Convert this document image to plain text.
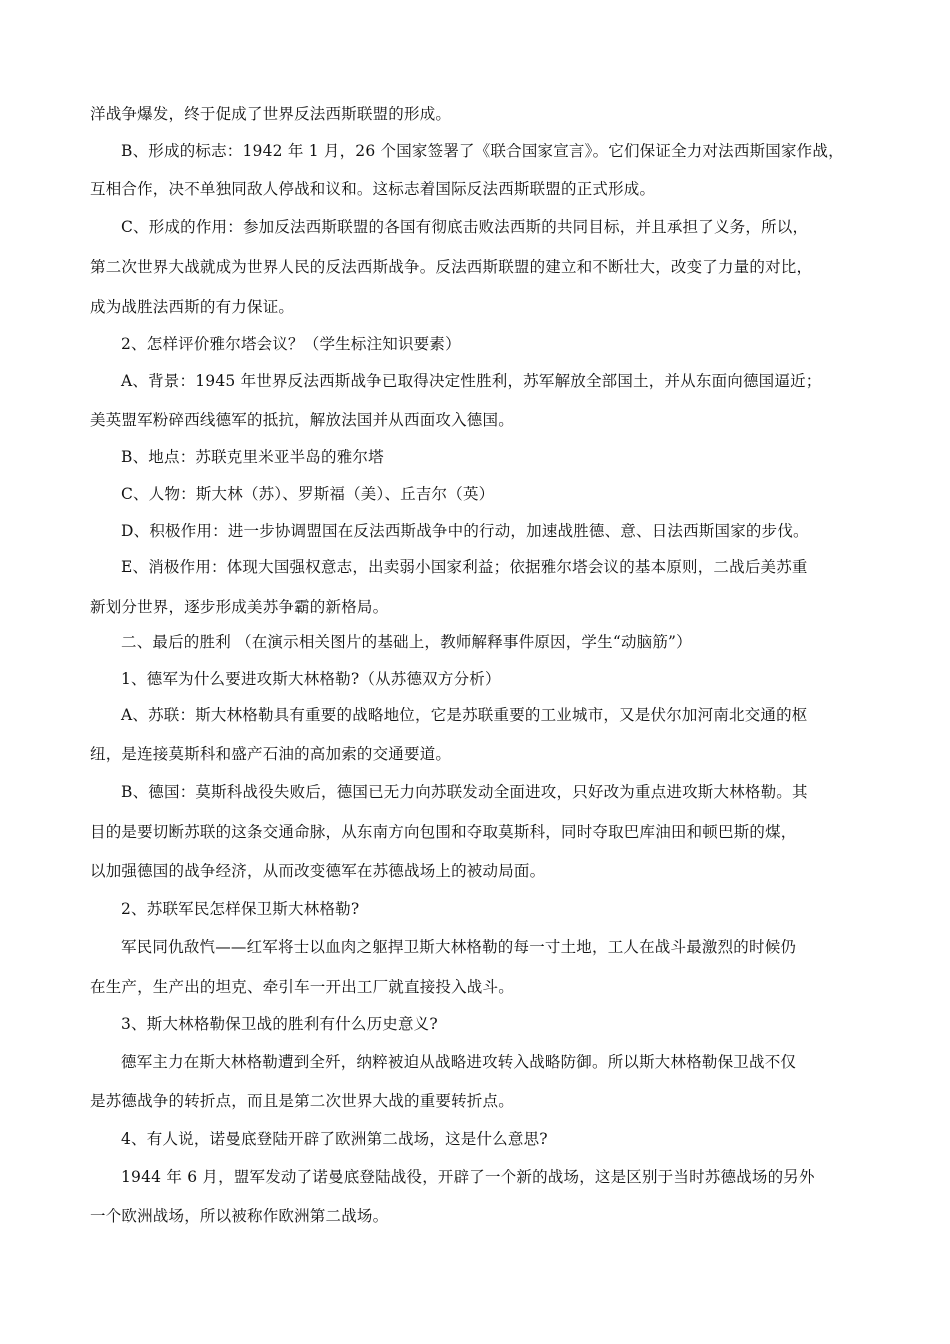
洋战争爆发，终于促成了世界反法西斯联盟的形成。
B、形成的标志：1942 年 1 月，26 个国家签署了《联合国家宣言》。它们保证全力对法西斯国家作战，
互相合作，决不单独同敌人停战和议和。这标志着国际反法西斯联盟的正式形成。
C、形成的作用：参加反法西斯联盟的各国有彻底击败法西斯的共同目标，并且承担了义务，所以，
第二次世界大战就成为世界人民的反法西斯战争。反法西斯联盟的建立和不断壮大，改变了力量的对比，
成为战胜法西斯的有力保证。
2、怎样评价雅尔塔会议？（学生标注知识要素）
A、背景：1945 年世界反法西斯战争已取得决定性胜利，苏军解放全部国土，并从东面向德国逼近；
美英盟军粉碎西线德军的抵抗，解放法国并从西面攻入德国。
B、地点：苏联克里米亚半岛的雅尔塔
C、人物：斯大林（苏）、罗斯福（美）、丘吉尔（英）
D、积极作用：进一步协调盟国在反法西斯战争中的行动，加速战胜德、意、日法西斯国家的步伐。
E、消极作用：体现大国强权意志，出卖弱小国家利益；依据雅尔塔会议的基本原则，二战后美苏重
新划分世界，逐步形成美苏争霸的新格局。
二、最后的胜利 （在演示相关图片的基础上，教师解释事件原因，学生“动脑筋”）
1、德军为什么要进攻斯大林格勒?（从苏德双方分析）
A、苏联：斯大林格勒具有重要的战略地位，它是苏联重要的工业城市，又是伏尔加河南北交通的枢
纽，是连接莫斯科和盛产石油的高加索的交通要道。
B、德国：莫斯科战役失败后，德国已无力向苏联发动全面进攻，只好改为重点进攻斯大林格勒。其
目的是要切断苏联的这条交通命脉，从东南方向包围和夺取莫斯科，同时夺取巴库油田和顿巴斯的煤，
以加强德国的战争经济，从而改变德军在苏德战场上的被动局面。
2、苏联军民怎样保卫斯大林格勒?
军民同仇敌忾——红军将士以血肉之躯捍卫斯大林格勒的每一寸土地，工人在战斗最激烈的时候仍
在生产，生产出的坦克、牵引车一开出工厂就直接投入战斗。
3、斯大林格勒保卫战的胜利有什么历史意义?
德军主力在斯大林格勒遭到全歼，纳粹被迫从战略进攻转入战略防御。所以斯大林格勒保卫战不仅
是苏德战争的转折点，而且是第二次世界大战的重要转折点。
4、有人说，诺曼底登陆开辟了欧洲第二战场，这是什么意思?
1944 年 6 月，盟军发动了诺曼底登陆战役，开辟了一个新的战场，这是区别于当时苏德战场的另外
一个欧洲战场，所以被称作欧洲第二战场。
